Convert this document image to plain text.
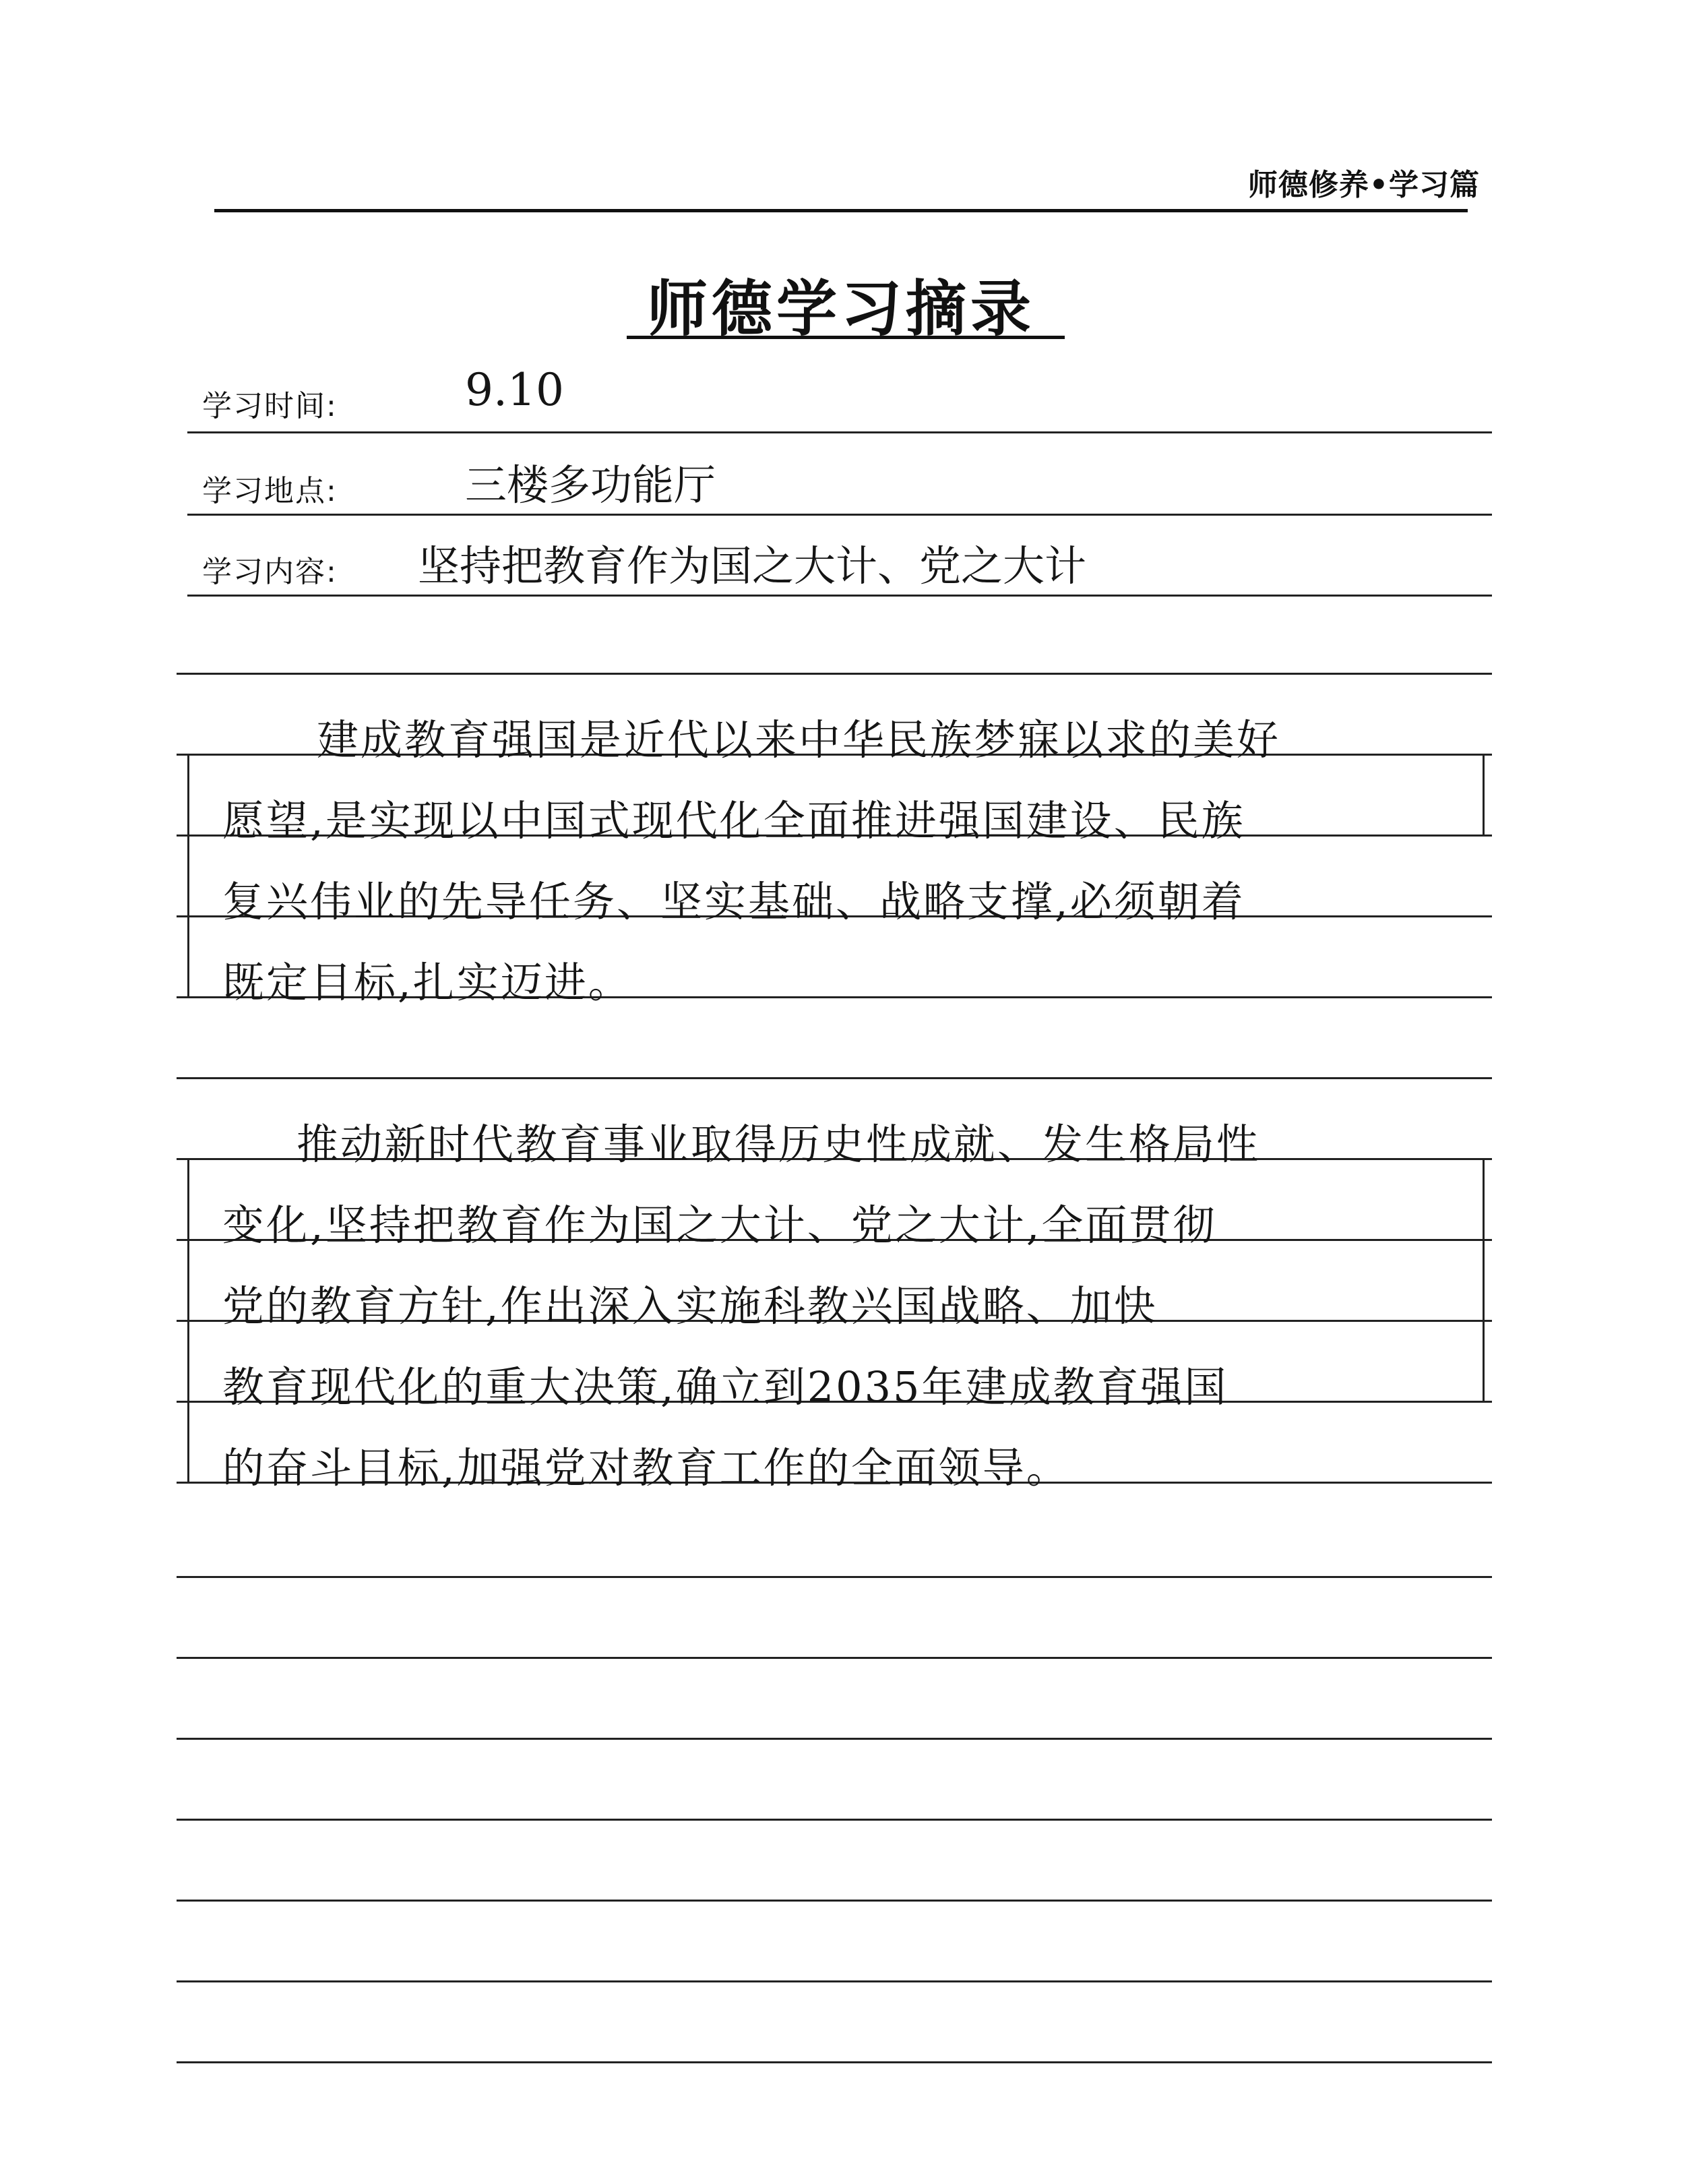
师德修养•学习篇
师德学习摘录
学习时间:	9.10
学习地点:	三楼多功能厅
学习内容: 坚持把教育作为国之大计、党之大计
建成教育强国是近代以来中华民族梦寐以求的美好
愿望,是实现以中国式现代化全面推进强国建设、民族
复兴伟业的先导任务、坚实基础、战略支撑,必须朝着
既定目标,扎实迈进。
推动新时代教育事业取得历史性成就、发生格局性
变化,坚持把教育作为国之大计、党之大计,全面贯彻
党的教育方针,作出深入实施科教兴国战略、加快
教育现代化的重大决策,确立到2035年建成教育强国
的奋斗目标,加强党对教育工作的全面领导。
